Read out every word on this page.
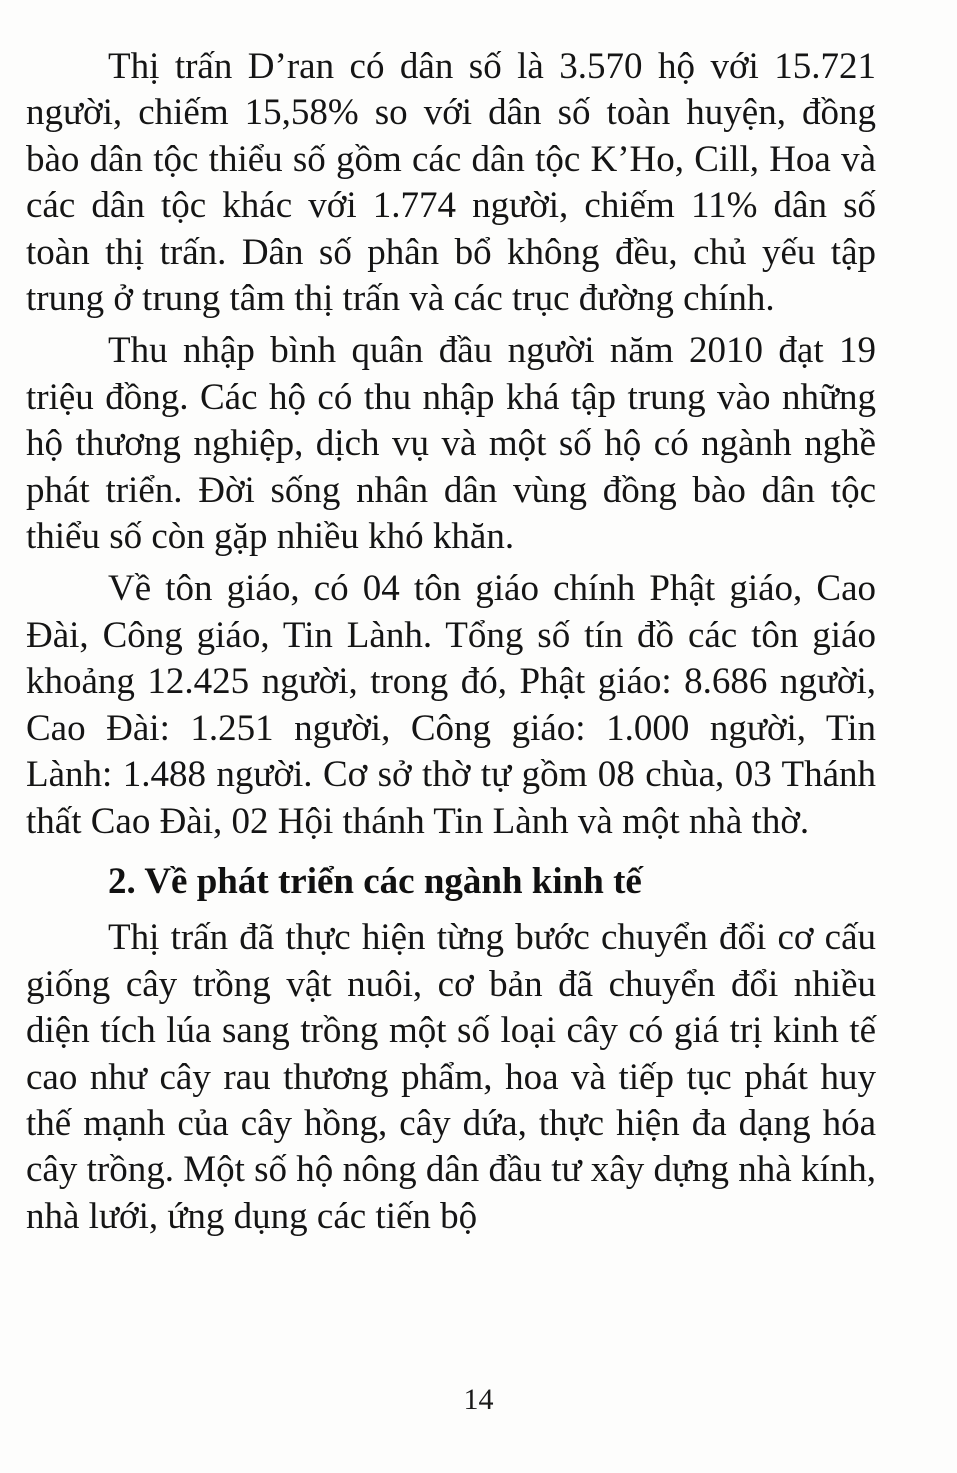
Thị trấn D’ran có dân số là 3.570 hộ với 15.721 người, chiếm 15,58% so với dân số toàn huyện, đồng bào dân tộc thiểu số gồm các dân tộc K’Ho, Cill, Hoa và các dân tộc khác với 1.774 người, chiếm 11% dân số toàn thị trấn. Dân số phân bổ không đều, chủ yếu tập trung ở trung tâm thị trấn và các trục đường chính.

Thu nhập bình quân đầu người năm 2010 đạt 19 triệu đồng. Các hộ có thu nhập khá tập trung vào những hộ thương nghiệp, dịch vụ và một số hộ có ngành nghề phát triển. Đời sống nhân dân vùng đồng bào dân tộc thiểu số còn gặp nhiều khó khăn.

Về tôn giáo, có 04 tôn giáo chính Phật giáo, Cao Đài, Công giáo, Tin Lành. Tổng số tín đồ các tôn giáo khoảng 12.425 người, trong đó, Phật giáo: 8.686 người, Cao Đài: 1.251 người, Công giáo: 1.000 người, Tin Lành: 1.488 người. Cơ sở thờ tự gồm 08 chùa, 03 Thánh thất Cao Đài, 02 Hội thánh Tin Lành và một nhà thờ.

2. Về phát triển các ngành kinh tế

Thị trấn đã thực hiện từng bước chuyển đổi cơ cấu giống cây trồng vật nuôi, cơ bản đã chuyển đổi nhiều diện tích lúa sang trồng một số loại cây có giá trị kinh tế cao như cây rau thương phẩm, hoa và tiếp tục phát huy thế mạnh của cây hồng, cây dứa, thực hiện đa dạng hóa cây trồng. Một số hộ nông dân đầu tư xây dựng nhà kính, nhà lưới, ứng dụng các tiến bộ

14
